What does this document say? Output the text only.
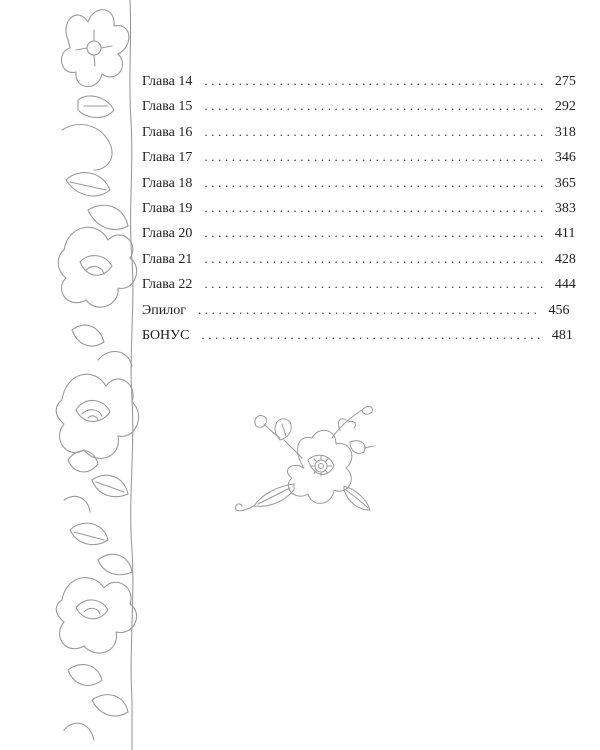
Глава 14 .................................................. 275
Глава 15 .................................................. 292
Глава 16 .................................................. 318
Глава 17 .................................................. 346
Глава 18 .................................................. 365
Глава 19 .................................................. 383
Глава 20 .................................................. 411
Глава 21 .................................................. 428
Глава 22 .................................................. 444
Эпилог .................................................. 456
БОНУС .................................................. 481
